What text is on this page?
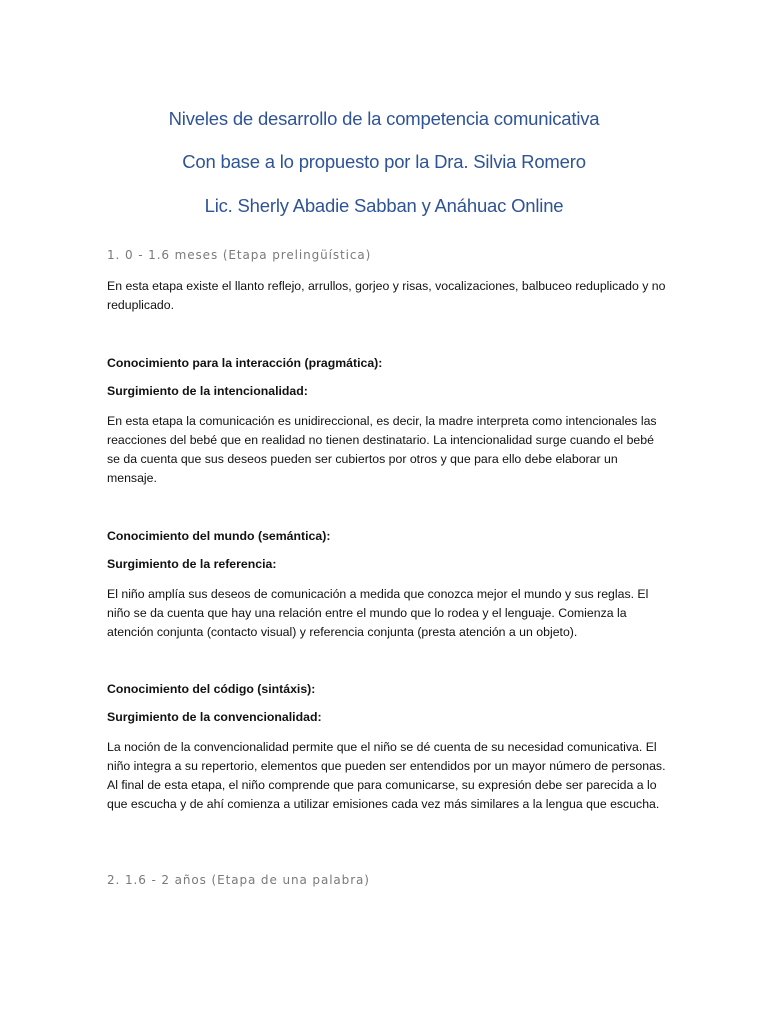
Niveles de desarrollo de la competencia comunicativa
Con base a lo propuesto por la Dra. Silvia Romero
Lic. Sherly Abadie Sabban y Anáhuac Online
1. 0 - 1.6 meses (Etapa prelingüística)

En esta etapa existe el llanto reflejo, arrullos, gorjeo y risas, vocalizaciones, balbuceo reduplicado y no reduplicado.

Conocimiento para la interacción (pragmática):
Surgimiento de la intencionalidad:

En esta etapa la comunicación es unidireccional, es decir, la madre interpreta como intencionales las reacciones del bebé que en realidad no tienen destinatario. La intencionalidad surge cuando el bebé se da cuenta que sus deseos pueden ser cubiertos por otros y que para ello debe elaborar un mensaje.

Conocimiento del mundo (semántica):
Surgimiento de la referencia:

El niño amplía sus deseos de comunicación a medida que conozca mejor el mundo y sus reglas. El niño se da cuenta que hay una relación entre el mundo que lo rodea y el lenguaje. Comienza la atención conjunta (contacto visual) y referencia conjunta (presta atención a un objeto).

Conocimiento del código (sintáxis):
Surgimiento de la convencionalidad:

La noción de la convencionalidad permite que el niño se dé cuenta de su necesidad comunicativa. El niño integra a su repertorio, elementos que pueden ser entendidos por un mayor número de personas. Al final de esta etapa, el niño comprende que para comunicarse, su expresión debe ser parecida a lo que escucha y de ahí comienza a utilizar emisiones cada vez más similares a la lengua que escucha.

2. 1.6 - 2 años (Etapa de una palabra)
